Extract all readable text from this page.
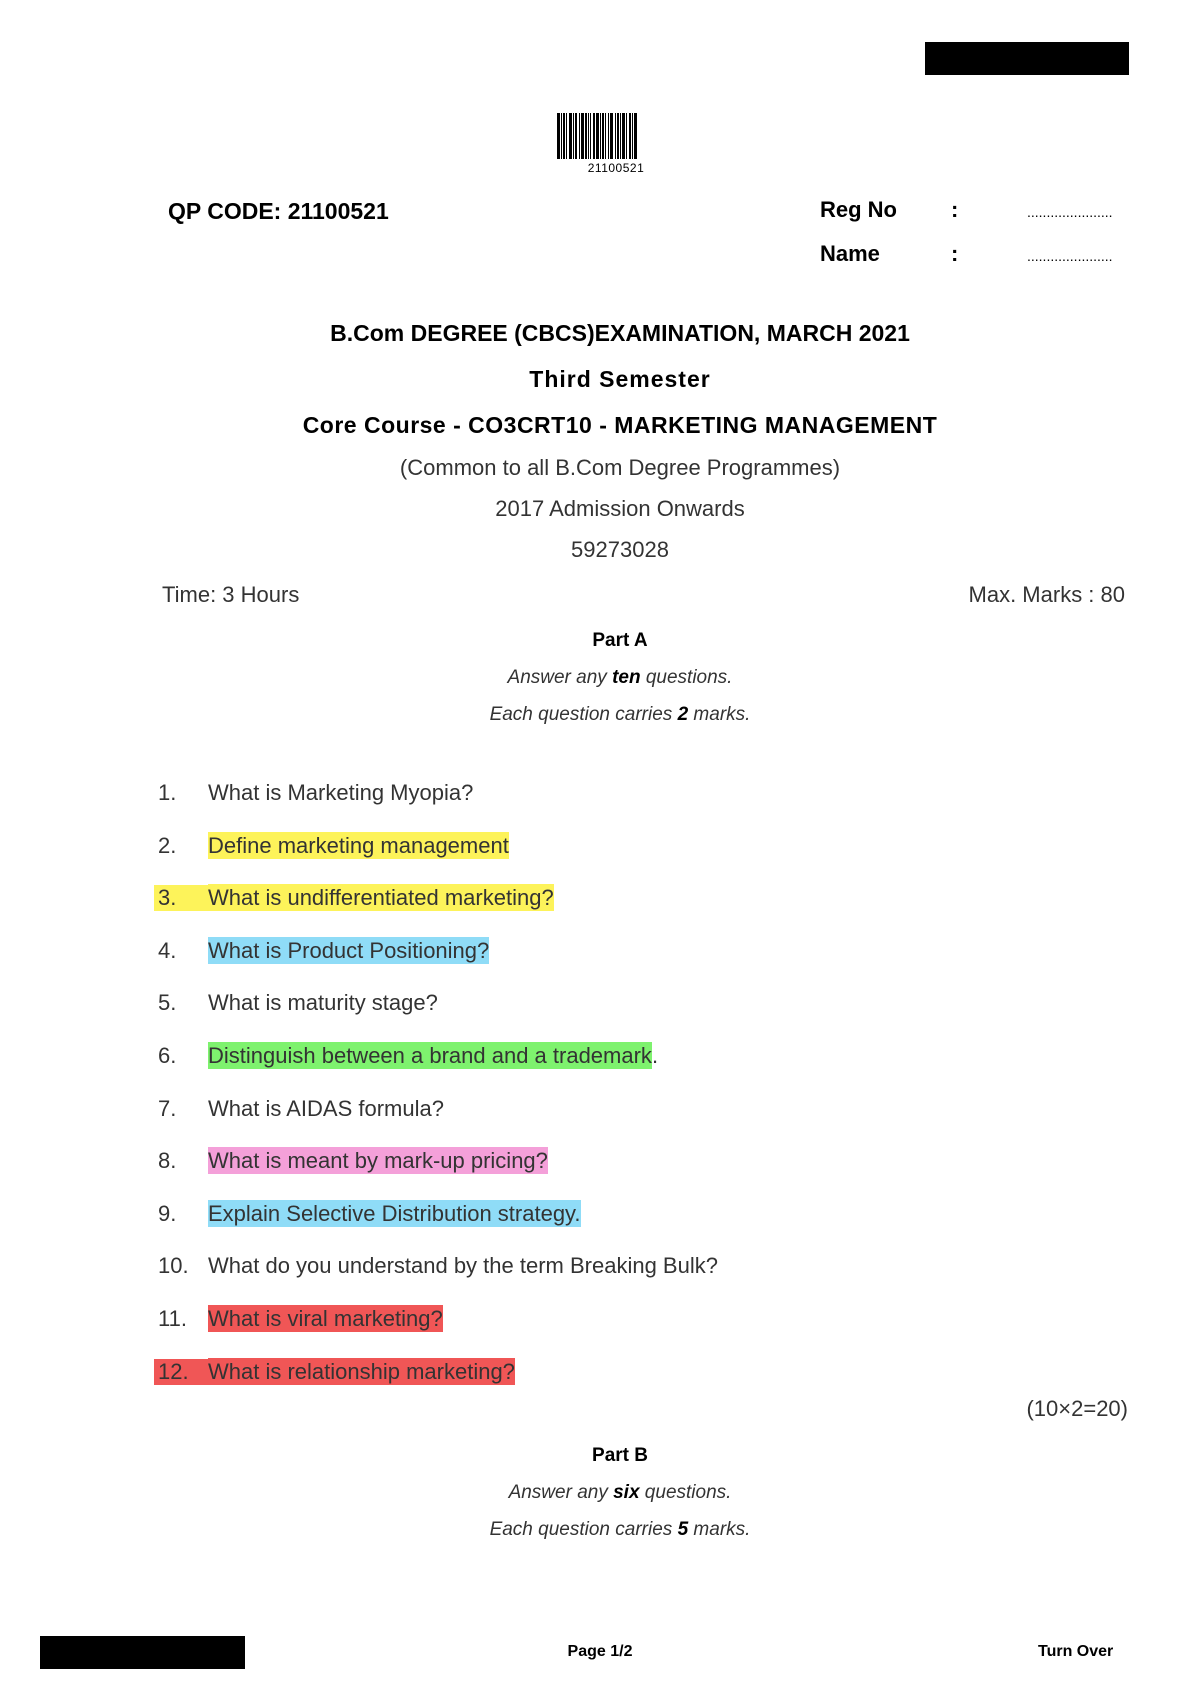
21100521
QP CODE: 21100521	Reg No :	......................
Name	:	......................
B.Com DEGREE (CBCS)EXAMINATION, MARCH 2021
Third Semester
Core Course - CO3CRT10 - MARKETING MANAGEMENT
(Common to all B.Com Degree Programmes)
2017 Admission Onwards
59273028
Time: 3 Hours	Max. Marks : 80
Part A
Answer any ten questions.
Each question carries 2 marks.
1.	What is Marketing Myopia?
2.	Define marketing management
3.	What is undifferentiated marketing?
4.	What is Product Positioning?
5.	What is maturity stage?
6.	Distinguish between a brand and a trademark.
7.	What is AIDAS formula?
8.	What is meant by mark-up pricing?
9.	Explain Selective Distribution strategy.
10. What do you understand by the term Breaking Bulk?
11. What is viral marketing?
12. What is relationship marketing?
(10×2=20)
Part B
Answer any six questions.
Each question carries 5 marks.
Page 1/2	Turn Over
